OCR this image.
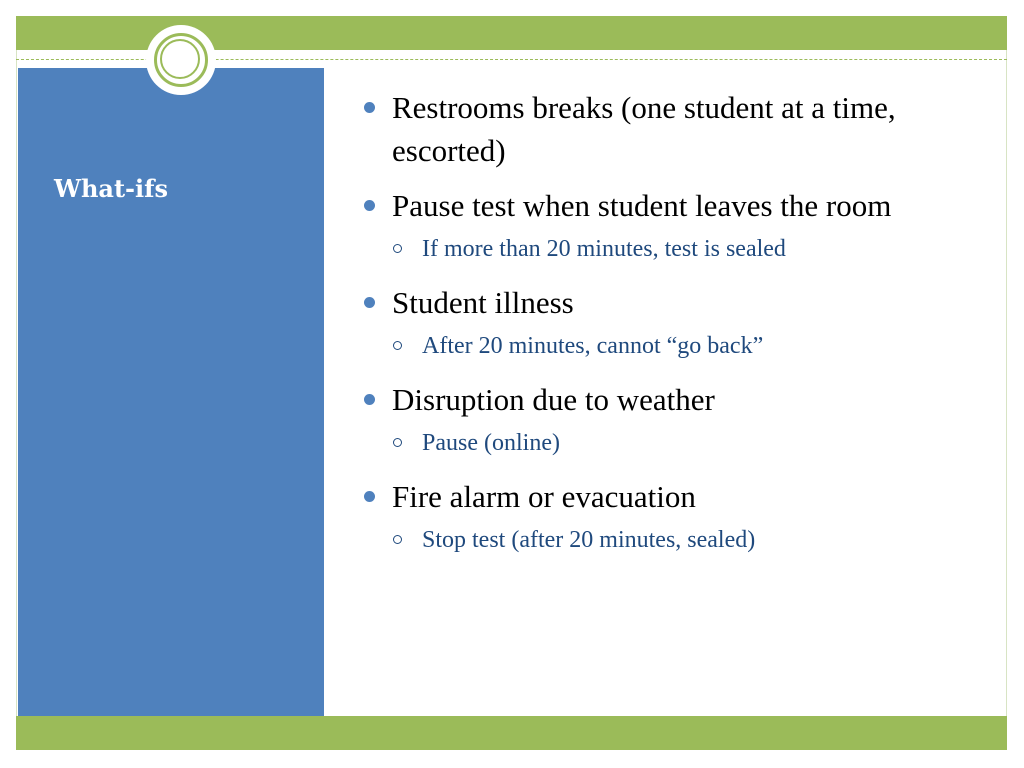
What-ifs
Restrooms breaks (one student at a time, escorted)
Pause test when student leaves the room
If more than 20 minutes, test is sealed
Student illness
After 20 minutes, cannot “go back”
Disruption due to weather
Pause (online)
Fire alarm or evacuation
Stop test (after 20 minutes, sealed)
